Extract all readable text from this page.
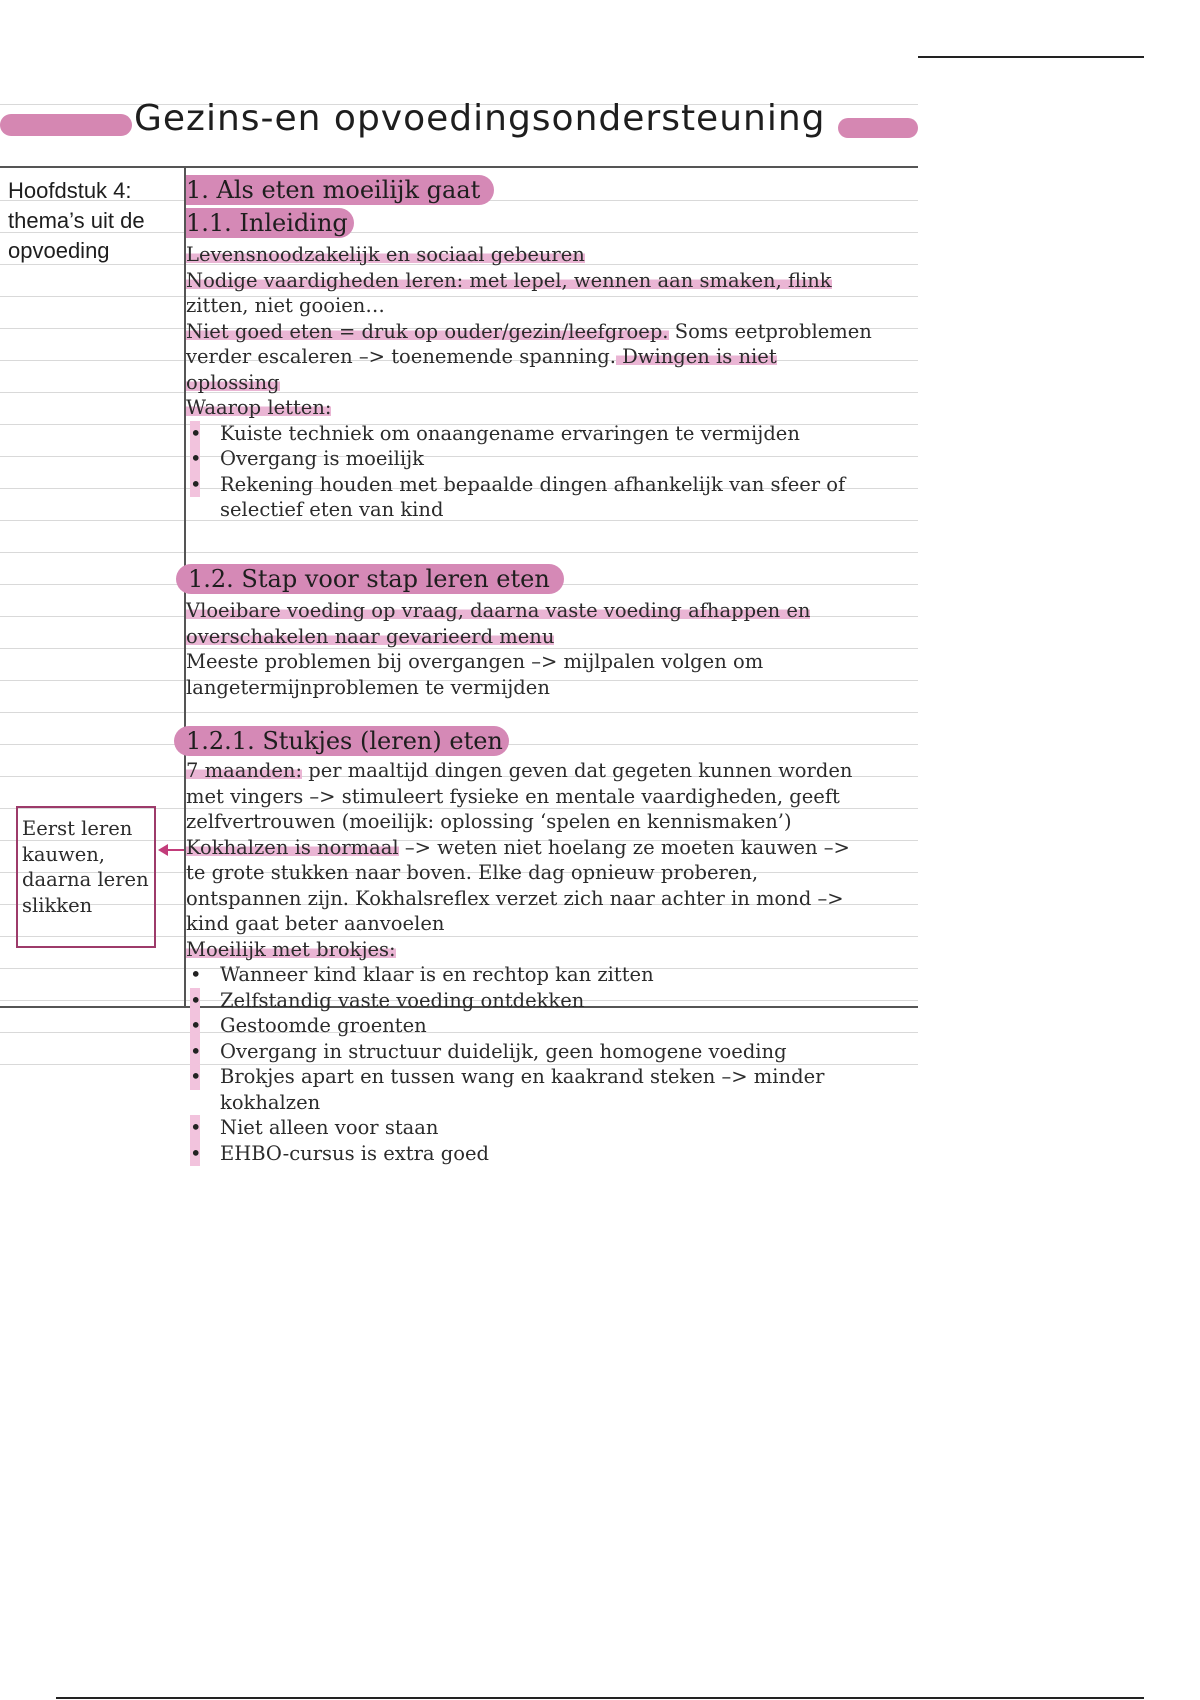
Gezins-en opvoedingsondersteuning
Hoofdstuk 4:
thema’s uit de
opvoeding
1. Als eten moeilijk gaat
1.1. Inleiding
Levensnoodzakelijk en sociaal gebeuren
Nodige vaardigheden leren: met lepel, wennen aan smaken, flink
zitten, niet gooien…
Niet goed eten = druk op ouder/gezin/leefgroep. Soms eetproblemen
verder escaleren –> toenemende spanning. Dwingen is niet
oplossing
Waarop letten:
• Kuiste techniek om onaangename ervaringen te vermijden
• Overgang is moeilijk
• Rekening houden met bepaalde dingen afhankelijk van sfeer of
selectief eten van kind
1.2. Stap voor stap leren eten
Vloeibare voeding op vraag, daarna vaste voeding afhappen en
overschakelen naar gevarieerd menu
Meeste problemen bij overgangen –> mijlpalen volgen om
langetermijnproblemen te vermijden
1.2.1. Stukjes (leren) eten
7 maanden: per maaltijd dingen geven dat gegeten kunnen worden
met vingers –> stimuleert fysieke en mentale vaardigheden, geeft
zelfvertrouwen (moeilijk: oplossing ‘spelen en kennismaken’)
Kokhalzen is normaal –> weten niet hoelang ze moeten kauwen –>
te grote stukken naar boven. Elke dag opnieuw proberen,
ontspannen zijn. Kokhalsreflex verzet zich naar achter in mond –>
kind gaat beter aanvoelen
Moeilijk met brokjes:
• Wanneer kind klaar is en rechtop kan zitten
• Zelfstandig vaste voeding ontdekken
• Gestoomde groenten
• Overgang in structuur duidelijk, geen homogene voeding
• Brokjes apart en tussen wang en kaakrand steken –> minder
kokhalzen
• Niet alleen voor staan
• EHBO-cursus is extra goed
Eerst leren
kauwen,
daarna leren
slikken
